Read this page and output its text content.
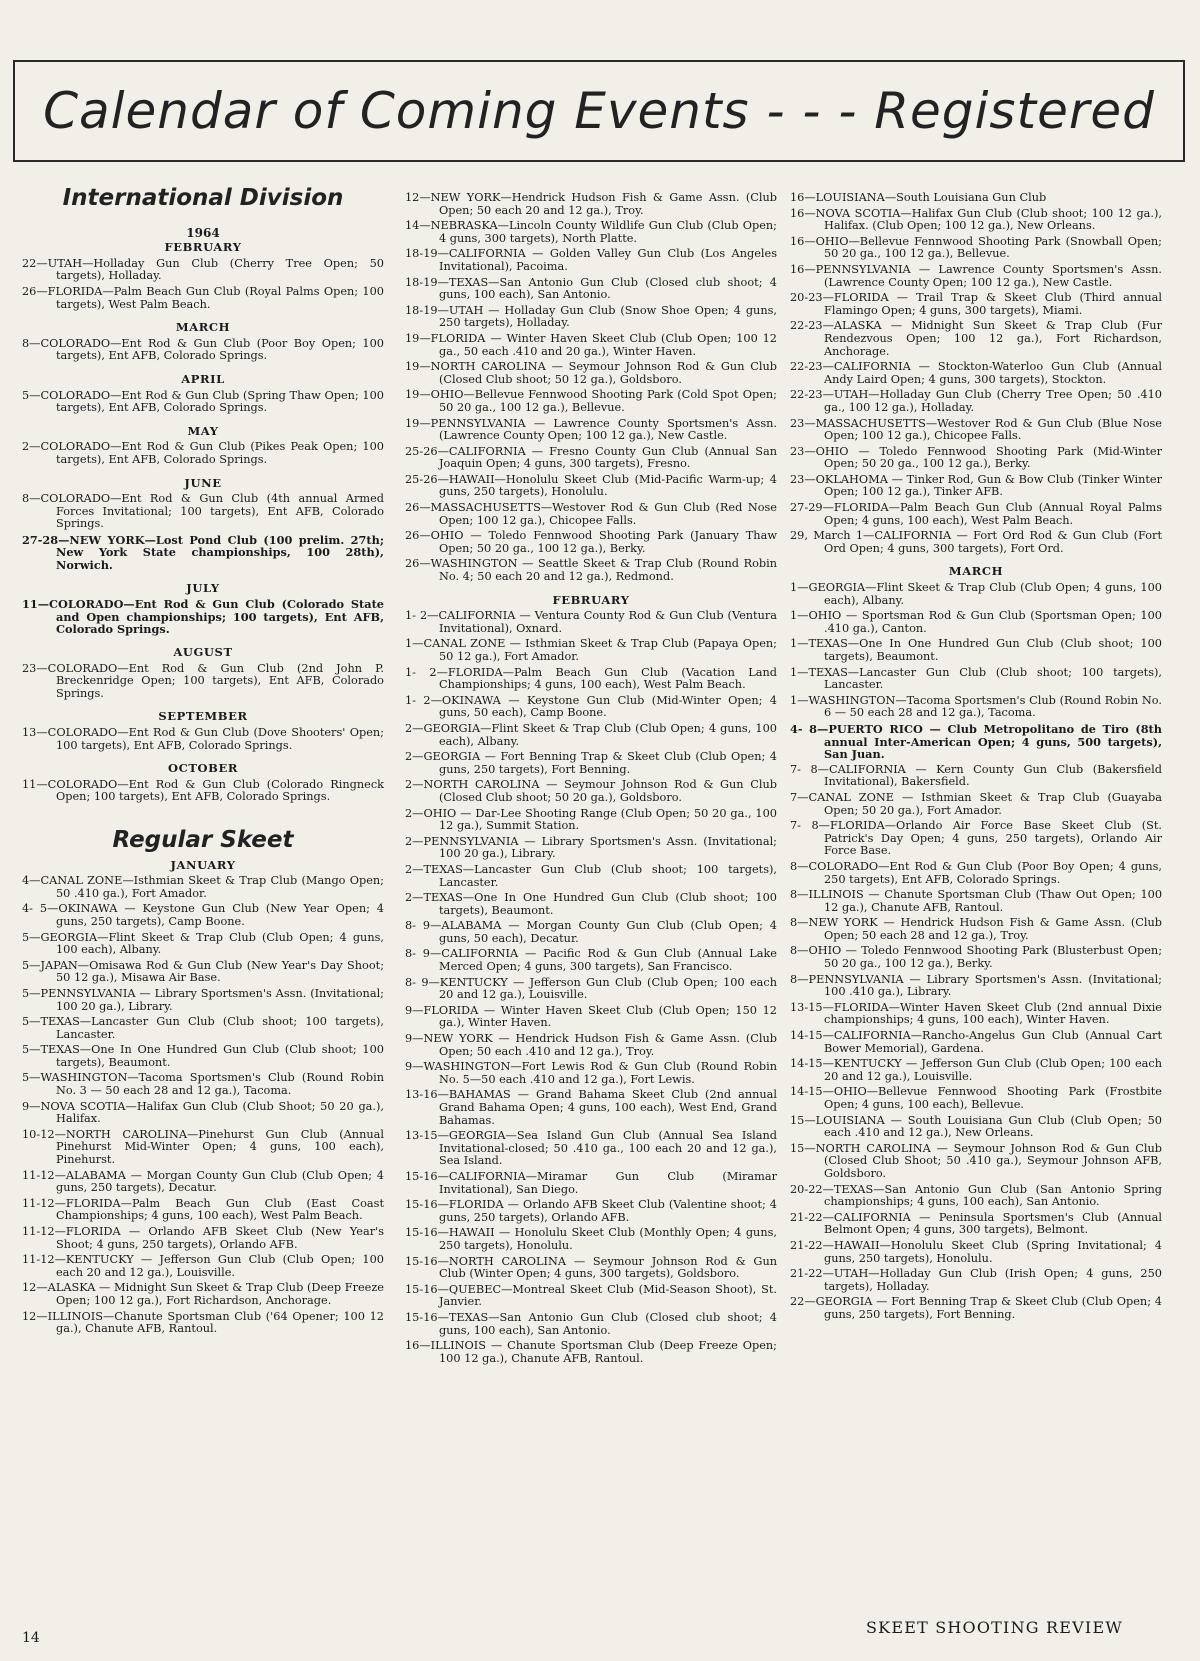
Calendar of Coming Events - - - Registered
International Division
1964
FEBRUARY
22—UTAH—Holladay Gun Club (Cherry Tree Open; 50 targets), Holladay.
26—FLORIDA—Palm Beach Gun Club (Royal Palms Open; 100 targets), West Palm Beach.
MARCH
8—COLORADO—Ent Rod & Gun Club (Poor Boy Open; 100 targets), Ent AFB, Colorado Springs.
APRIL
5—COLORADO—Ent Rod & Gun Club (Spring Thaw Open; 100 targets), Ent AFB, Colorado Springs.
MAY
2—COLORADO—Ent Rod & Gun Club (Pikes Peak Open; 100 targets), Ent AFB, Colorado Springs.
JUNE
8—COLORADO—Ent Rod & Gun Club (4th annual Armed Forces Invitational; 100 targets), Ent AFB, Colorado Springs.
27-28—NEW YORK—Lost Pond Club (100 prelim. 27th; New York State championships, 100 28th), Norwich.
JULY
11—COLORADO—Ent Rod & Gun Club (Colorado State and Open championships; 100 targets), Ent AFB, Colorado Springs.
AUGUST
23—COLORADO—Ent Rod & Gun Club (2nd John P. Breckenridge Open; 100 targets), Ent AFB, Colorado Springs.
SEPTEMBER
13—COLORADO—Ent Rod & Gun Club (Dove Shooters' Open; 100 targets), Ent AFB, Colorado Springs.
OCTOBER
11—COLORADO—Ent Rod & Gun Club (Colorado Ringneck Open; 100 targets), Ent AFB, Colorado Springs.
Regular Skeet
JANUARY
4—CANAL ZONE—Isthmian Skeet & Trap Club (Mango Open; 50 .410 ga.), Fort Amador.
4- 5—OKINAWA — Keystone Gun Club (New Year Open; 4 guns, 250 targets), Camp Boone.
5—GEORGIA—Flint Skeet & Trap Club (Club Open; 4 guns, 100 each), Albany.
5—JAPAN—Omisawa Rod & Gun Club (New Year's Day Shoot; 50 12 ga.), Misawa Air Base.
5—PENNSYLVANIA — Library Sportsmen's Assn. (Invitational; 100 20 ga.), Library.
5—TEXAS—Lancaster Gun Club (Club shoot; 100 targets), Lancaster.
5—TEXAS—One In One Hundred Gun Club (Club shoot; 100 targets), Beaumont.
5—WASHINGTON—Tacoma Sportsmen's Club (Round Robin No. 3 — 50 each 28 and 12 ga.), Tacoma.
9—NOVA SCOTIA—Halifax Gun Club (Club Shoot; 50 20 ga.), Halifax.
10-12—NORTH CAROLINA—Pinehurst Gun Club (Annual Pinehurst Mid-Winter Open; 4 guns, 100 each), Pinehurst.
11-12—ALABAMA — Morgan County Gun Club (Club Open; 4 guns, 250 targets), Decatur.
11-12—FLORIDA—Palm Beach Gun Club (East Coast Championships; 4 guns, 100 each), West Palm Beach.
11-12—FLORIDA — Orlando AFB Skeet Club (New Year's Shoot; 4 guns, 250 targets), Orlando AFB.
11-12—KENTUCKY — Jefferson Gun Club (Club Open; 100 each 20 and 12 ga.), Louisville.
12—ALASKA — Midnight Sun Skeet & Trap Club (Deep Freeze Open; 100 12 ga.), Fort Richardson, Anchorage.
12—ILLINOIS—Chanute Sportsman Club ('64 Opener; 100 12 ga.), Chanute AFB, Rantoul.
12—NEW YORK—Hendrick Hudson Fish & Game Assn. (Club Open; 50 each 20 and 12 ga.), Troy.
14—NEBRASKA—Lincoln County Wildlife Gun Club (Club Open; 4 guns, 300 targets), North Platte.
18-19—CALIFORNIA — Golden Valley Gun Club (Los Angeles Invitational), Pacoima.
18-19—TEXAS—San Antonio Gun Club (Closed club shoot; 4 guns, 100 each), San Antonio.
18-19—UTAH — Holladay Gun Club (Snow Shoe Open; 4 guns, 250 targets), Holladay.
19—FLORIDA — Winter Haven Skeet Club (Club Open; 100 12 ga., 50 each .410 and 20 ga.), Winter Haven.
19—NORTH CAROLINA — Seymour Johnson Rod & Gun Club (Closed Club shoot; 50 12 ga.), Goldsboro.
19—OHIO—Bellevue Fennwood Shooting Park (Cold Spot Open; 50 20 ga., 100 12 ga.), Bellevue.
19—PENNSYLVANIA — Lawrence County Sportsmen's Assn. (Lawrence County Open; 100 12 ga.), New Castle.
25-26—CALIFORNIA — Fresno County Gun Club (Annual San Joaquin Open; 4 guns, 300 targets), Fresno.
25-26—HAWAII—Honolulu Skeet Club (Mid-Pacific Warm-up; 4 guns, 250 targets), Honolulu.
26—MASSACHUSETTS—Westover Rod & Gun Club (Red Nose Open; 100 12 ga.), Chicopee Falls.
26—OHIO — Toledo Fennwood Shooting Park (January Thaw Open; 50 20 ga., 100 12 ga.), Berky.
26—WASHINGTON — Seattle Skeet & Trap Club (Round Robin No. 4; 50 each 20 and 12 ga.), Redmond.
FEBRUARY
1- 2—CALIFORNIA — Ventura County Rod & Gun Club (Ventura Invitational), Oxnard.
1—CANAL ZONE — Isthmian Skeet & Trap Club (Papaya Open; 50 12 ga.), Fort Amador.
1- 2—FLORIDA—Palm Beach Gun Club (Vacation Land Championships; 4 guns, 100 each), West Palm Beach.
1- 2—OKINAWA — Keystone Gun Club (Mid-Winter Open; 4 guns, 50 each), Camp Boone.
2—GEORGIA—Flint Skeet & Trap Club (Club Open; 4 guns, 100 each), Albany.
2—GEORGIA — Fort Benning Trap & Skeet Club (Club Open; 4 guns, 250 targets), Fort Benning.
2—NORTH CAROLINA — Seymour Johnson Rod & Gun Club (Closed Club shoot; 50 20 ga.), Goldsboro.
2—OHIO — Dar-Lee Shooting Range (Club Open; 50 20 ga., 100 12 ga.), Summit Station.
2—PENNSYLVANIA — Library Sportsmen's Assn. (Invitational; 100 20 ga.), Library.
2—TEXAS—Lancaster Gun Club (Club shoot; 100 targets), Lancaster.
2—TEXAS—One In One Hundred Gun Club (Club shoot; 100 targets), Beaumont.
8- 9—ALABAMA — Morgan County Gun Club (Club Open; 4 guns, 50 each), Decatur.
8- 9—CALIFORNIA — Pacific Rod & Gun Club (Annual Lake Merced Open; 4 guns, 300 targets), San Francisco.
8- 9—KENTUCKY — Jefferson Gun Club (Club Open; 100 each 20 and 12 ga.), Louisville.
9—FLORIDA — Winter Haven Skeet Club (Club Open; 150 12 ga.), Winter Haven.
9—NEW YORK — Hendrick Hudson Fish & Game Assn. (Club Open; 50 each .410 and 12 ga.), Troy.
9—WASHINGTON—Fort Lewis Rod & Gun Club (Round Robin No. 5—50 each .410 and 12 ga.), Fort Lewis.
13-16—BAHAMAS — Grand Bahama Skeet Club (2nd annual Grand Bahama Open; 4 guns, 100 each), West End, Grand Bahamas.
13-15—GEORGIA—Sea Island Gun Club (Annual Sea Island Invitational-closed; 50 .410 ga., 100 each 20 and 12 ga.), Sea Island.
15-16—CALIFORNIA—Miramar Gun Club (Miramar Invitational), San Diego.
15-16—FLORIDA — Orlando AFB Skeet Club (Valentine shoot; 4 guns, 250 targets), Orlando AFB.
15-16—HAWAII — Honolulu Skeet Club (Monthly Open; 4 guns, 250 targets), Honolulu.
15-16—NORTH CAROLINA — Seymour Johnson Rod & Gun Club (Winter Open; 4 guns, 300 targets), Goldsboro.
15-16—QUEBEC—Montreal Skeet Club (Mid-Season Shoot), St. Janvier.
15-16—TEXAS—San Antonio Gun Club (Closed club shoot; 4 guns, 100 each), San Antonio.
16—ILLINOIS — Chanute Sportsman Club (Deep Freeze Open; 100 12 ga.), Chanute AFB, Rantoul.
16—LOUISIANA—South Louisiana Gun Club
16—NOVA SCOTIA—Halifax Gun Club (Club shoot; 100 12 ga.), Halifax. (Club Open; 100 12 ga.), New Orleans.
16—OHIO—Bellevue Fennwood Shooting Park (Snowball Open; 50 20 ga., 100 12 ga.), Bellevue.
16—PENNSYLVANIA — Lawrence County Sportsmen's Assn. (Lawrence County Open; 100 12 ga.), New Castle.
20-23—FLORIDA — Trail Trap & Skeet Club (Third annual Flamingo Open; 4 guns, 300 targets), Miami.
22-23—ALASKA — Midnight Sun Skeet & Trap Club (Fur Rendezvous Open; 100 12 ga.), Fort Richardson, Anchorage.
22-23—CALIFORNIA — Stockton-Waterloo Gun Club (Annual Andy Laird Open; 4 guns, 300 targets), Stockton.
22-23—UTAH—Holladay Gun Club (Cherry Tree Open; 50 .410 ga., 100 12 ga.), Holladay.
23—MASSACHUSETTS—Westover Rod & Gun Club (Blue Nose Open; 100 12 ga.), Chicopee Falls.
23—OHIO — Toledo Fennwood Shooting Park (Mid-Winter Open; 50 20 ga., 100 12 ga.), Berky.
23—OKLAHOMA — Tinker Rod, Gun & Bow Club (Tinker Winter Open; 100 12 ga.), Tinker AFB.
27-29—FLORIDA—Palm Beach Gun Club (Annual Royal Palms Open; 4 guns, 100 each), West Palm Beach.
29, March 1—CALIFORNIA — Fort Ord Rod & Gun Club (Fort Ord Open; 4 guns, 300 targets), Fort Ord.
MARCH
1—GEORGIA—Flint Skeet & Trap Club (Club Open; 4 guns, 100 each), Albany.
1—OHIO — Sportsman Rod & Gun Club (Sportsman Open; 100 .410 ga.), Canton.
1—TEXAS—One In One Hundred Gun Club (Club shoot; 100 targets), Beaumont.
1—TEXAS—Lancaster Gun Club (Club shoot; 100 targets), Lancaster.
1—WASHINGTON—Tacoma Sportsmen's Club (Round Robin No. 6 — 50 each 28 and 12 ga.), Tacoma.
4- 8—PUERTO RICO — Club Metropolitano de Tiro (8th annual Inter-American Open; 4 guns, 500 targets), San Juan.
7- 8—CALIFORNIA — Kern County Gun Club (Bakersfield Invitational), Bakersfield.
7—CANAL ZONE — Isthmian Skeet & Trap Club (Guayaba Open; 50 20 ga.), Fort Amador.
7- 8—FLORIDA—Orlando Air Force Base Skeet Club (St. Patrick's Day Open; 4 guns, 250 targets), Orlando Air Force Base.
8—COLORADO—Ent Rod & Gun Club (Poor Boy Open; 4 guns, 250 targets), Ent AFB, Colorado Springs.
8—ILLINOIS — Chanute Sportsman Club (Thaw Out Open; 100 12 ga.), Chanute AFB, Rantoul.
8—NEW YORK — Hendrick Hudson Fish & Game Assn. (Club Open; 50 each 28 and 12 ga.), Troy.
8—OHIO — Toledo Fennwood Shooting Park (Blusterbust Open; 50 20 ga., 100 12 ga.), Berky.
8—PENNSYLVANIA — Library Sportsmen's Assn. (Invitational; 100 .410 ga.), Library.
13-15—FLORIDA—Winter Haven Skeet Club (2nd annual Dixie championships; 4 guns, 100 each), Winter Haven.
14-15—CALIFORNIA—Rancho-Angelus Gun Club (Annual Cart Bower Memorial), Gardena.
14-15—KENTUCKY — Jefferson Gun Club (Club Open; 100 each 20 and 12 ga.), Louisville.
14-15—OHIO—Bellevue Fennwood Shooting Park (Frostbite Open; 4 guns, 100 each), Bellevue.
15—LOUISIANA — South Louisiana Gun Club (Club Open; 50 each .410 and 12 ga.), New Orleans.
15—NORTH CAROLINA — Seymour Johnson Rod & Gun Club (Closed Club Shoot; 50 .410 ga.), Seymour Johnson AFB, Goldsboro.
20-22—TEXAS—San Antonio Gun Club (San Antonio Spring championships; 4 guns, 100 each), San Antonio.
21-22—CALIFORNIA — Peninsula Sportsmen's Club (Annual Belmont Open; 4 guns, 300 targets), Belmont.
21-22—HAWAII—Honolulu Skeet Club (Spring Invitational; 4 guns, 250 targets), Honolulu.
21-22—UTAH—Holladay Gun Club (Irish Open; 4 guns, 250 targets), Holladay.
22—GEORGIA — Fort Benning Trap & Skeet Club (Club Open; 4 guns, 250 targets), Fort Benning.
14
SKEET SHOOTING REVIEW
